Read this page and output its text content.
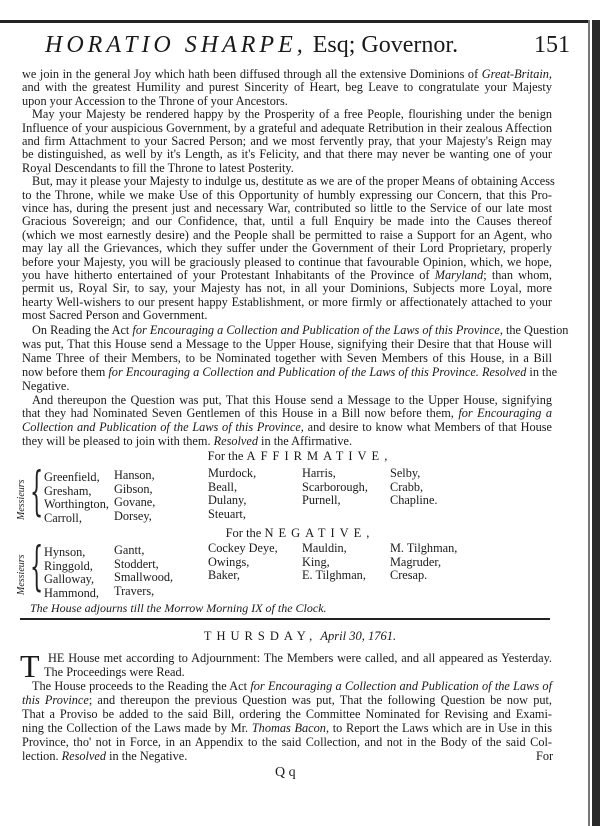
HORATIO SHARPE, Esq; Governor.	151
we join in the general Joy which hath been diffused through all the extensive Dominions of Great-Britain,
and with the greatest Humility and purest Sincerity of Heart, beg Leave to congratulate your Majesty
upon your Accession to the Throne of your Ancestors.
May your Majesty be rendered happy by the Prosperity of a free People, flourishing under the benign
Influence of your auspicious Government, by a grateful and adequate Retribution in their zealous Affection
and firm Attachment to your Sacred Person; and we most fervently pray, that your Majesty's Reign may
be distinguished, as well by it's Length, as it's Felicity, and that there may never be wanting one of your
Royal Descendants to fill the Throne to latest Posterity.
But, may it please your Majesty to indulge us, destitute as we are of the proper Means of obtaining Access
to the Throne, while we make Use of this Opportunity of humbly expressing our Concern, that this Pro-
vince has, during the present just and necessary War, contributed so little to the Service of our late most
Gracious Sovereign; and our Confidence, that, until a full Enquiry be made into the Causes thereof
(which we most earnestly desire) and the People shall be permitted to raise a Support for an Agent, who
may lay all the Grievances, which they suffer under the Government of their Lord Proprietary, properly
before your Majesty, you will be graciously pleased to continue that favourable Opinion, which, we hope,
you have hitherto entertained of your Protestant Inhabitants of the Province of Maryland; than whom,
permit us, Royal Sir, to say, your Majesty has not, in all your Dominions, Subjects more Loyal, more
hearty Well-wishers to our present happy Establishment, or more firmly or affectionately attached to your
most Sacred Person and Government.
On Reading the Act for Encouraging a Collection and Publication of the Laws of this Province, the Question
was put, That this House send a Message to the Upper House, signifying their Desire that that House will
Name Three of their Members, to be Nominated together with Seven Members of this House, in a Bill
now before them for Encouraging a Collection and Publication of the Laws of this Province. Resolved in the
Negative.
And thereupon the Question was put, That this House send a Message to the Upper House, signifying
that they had Nominated Seven Gentlemen of this House in a Bill now before them, for Encouraging a
Collection and Publication of the Laws of this Province, and desire to know what Members of that House
they will be pleased to join with them. Resolved in the Affirmative.
For the AFFIRMATIVE,
Messieurs { Greenfield,
Gresham,
Worthington,
Carroll,
Hanson,
Gibson,
Govane,
Dorsey,
Murdock,
Beall,
Dulany,
Steuart,
Harris,
Scarborough,
Purnell,
Selby,
Crabb,
Chapline.
For the NEGATIVE,
Messieurs { Hynson,
Ringgold,
Galloway,
Hammond,
Gantt,
Stoddert,
Smallwood,
Travers,
Cockey Deye,
Owings,
Baker,
Mauldin,
King,
E. Tilghman,
M. Tilghman,
Magruder,
Cresap.
The House adjourns till the Morrow Morning IX of the Clock.
THURSDAY, April 30, 1761.
T HE House met according to Adjournment: The Members were called, and all appeared as Yesterday.
The Proceedings were Read.
The House proceeds to the Reading the Act for Encouraging a Collection and Publication of the Laws of
this Province; and thereupon the previous Question was put, That the following Question be now put,
That a Proviso be added to the said Bill, ordering the Committee Nominated for Revising and Exami-
ning the Collection of the Laws made by Mr. Thomas Bacon, to Report the Laws which are in Use in this
Province, tho' not in Force, in an Appendix to the said Collection, and not in the Body of the said Col-
lection. Resolved in the Negative.
Q q
For
